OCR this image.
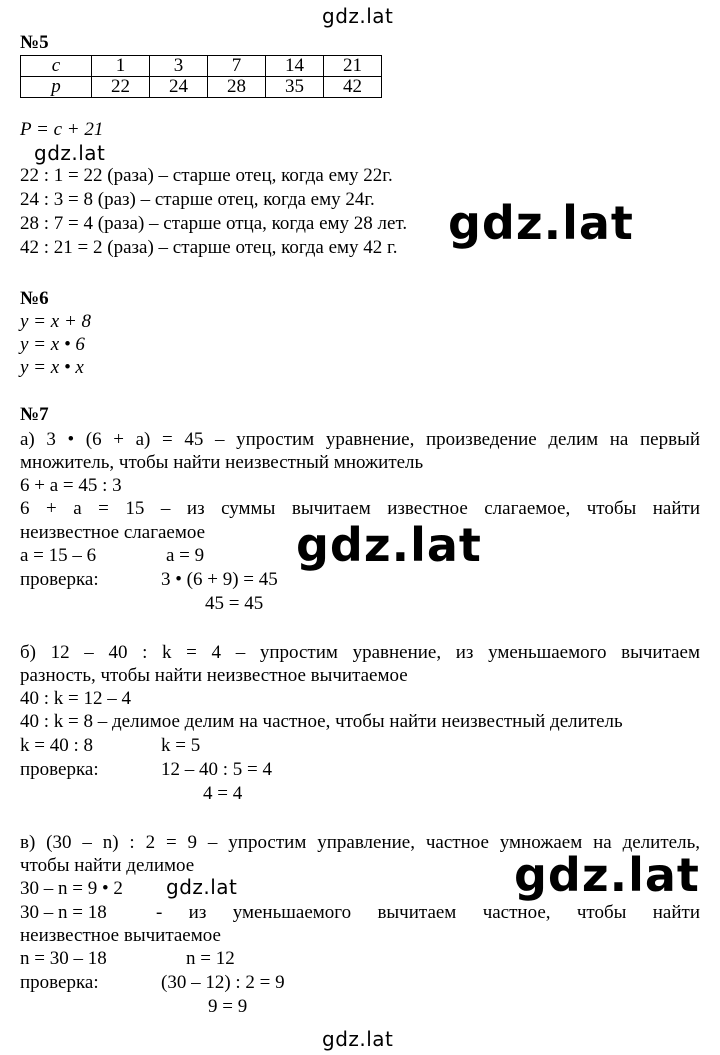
gdz.lat
gdz.lat
gdz.lat
gdz.lat
gdz.lat
gdz.lat
gdz.lat
№5
c	1	3	7	14	21
p	22	24	28	35	42
P = c + 21
22 : 1 = 22 (раза) – старше отец, когда ему 22г.
24 : 3 = 8 (раз) – старше отец, когда ему 24г.
28 : 7 = 4 (раза) – старше отца, когда ему 28 лет.
42 : 21 = 2 (раза) – старше отец, когда ему 42 г.
№6
y = x + 8
y = x • 6
y = x • x
№7
а) 3 • (6 + a) = 45 – упростим уравнение, произведение делим на первый
множитель, чтобы найти неизвестный множитель
6 + a = 45 : 3
6 + a = 15 – из суммы вычитаем известное слагаемое, чтобы найти
неизвестное слагаемое
a = 15 – 6	a = 9
проверка:	3 • (6 + 9) = 45
45 = 45
б) 12 – 40 : k = 4 – упростим уравнение, из уменьшаемого вычитаем
разность, чтобы найти неизвестное вычитаемое
40 : k = 12 – 4
40 : k = 8 – делимое делим на частное, чтобы найти неизвестный делитель
k = 40 : 8	k = 5
проверка:	12 – 40 : 5 = 4
4 = 4
в) (30 – n) : 2 = 9 – упростим управление, частное умножаем на делитель,
чтобы найти делимое
30 – n = 9 • 2
30 – n = 18	- из уменьшаемого вычитаем частное, чтобы найти
неизвестное вычитаемое
n = 30 – 18	n = 12
проверка:	(30 – 12) : 2 = 9
9 = 9
